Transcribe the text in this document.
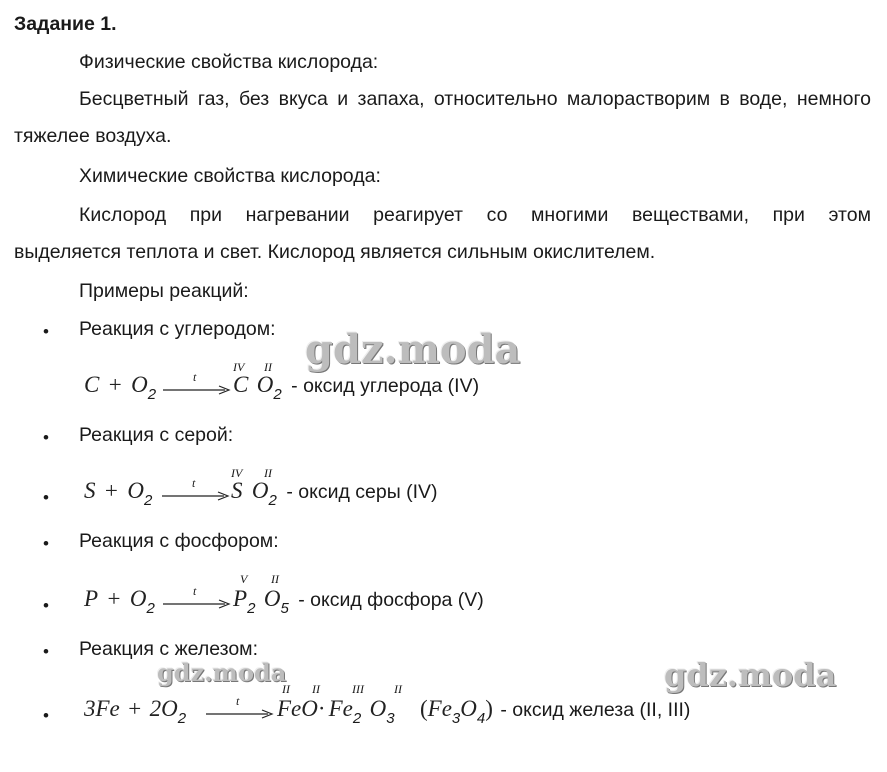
Задание 1.
Физические свойства кислорода:
Бесцветный газ, без вкуса и запаха, относительно малорастворим в воде, немного тяжелее воздуха.
Химические свойства кислорода:
Кислород при нагревании реагирует со многими веществами, при этом
выделяется теплота и свет. Кислород является сильным окислителем.
Примеры реакций:
• Реакция с углеродом:
$C + O_2$ →
t
IV II
C $O_2$ - оксид углерода (IV)
• Реакция с серой:
• $S + O_2$ →
t
IV II
S $O_2$ - оксид серы (IV)
• Реакция с фосфором:
• $P + O_2$ →
t
V II
$P_2$ $O_5$ - оксид фосфора (V)
• Реакция с железом:
• $3Fe + 2O_2$ →
t
II II	III	II
$FeO\cdot Fe_2$ $O_3$ $(Fe_3O_4)$ - оксид железа (II, III)
gdz.moda
gdz.moda	gdz.moda
